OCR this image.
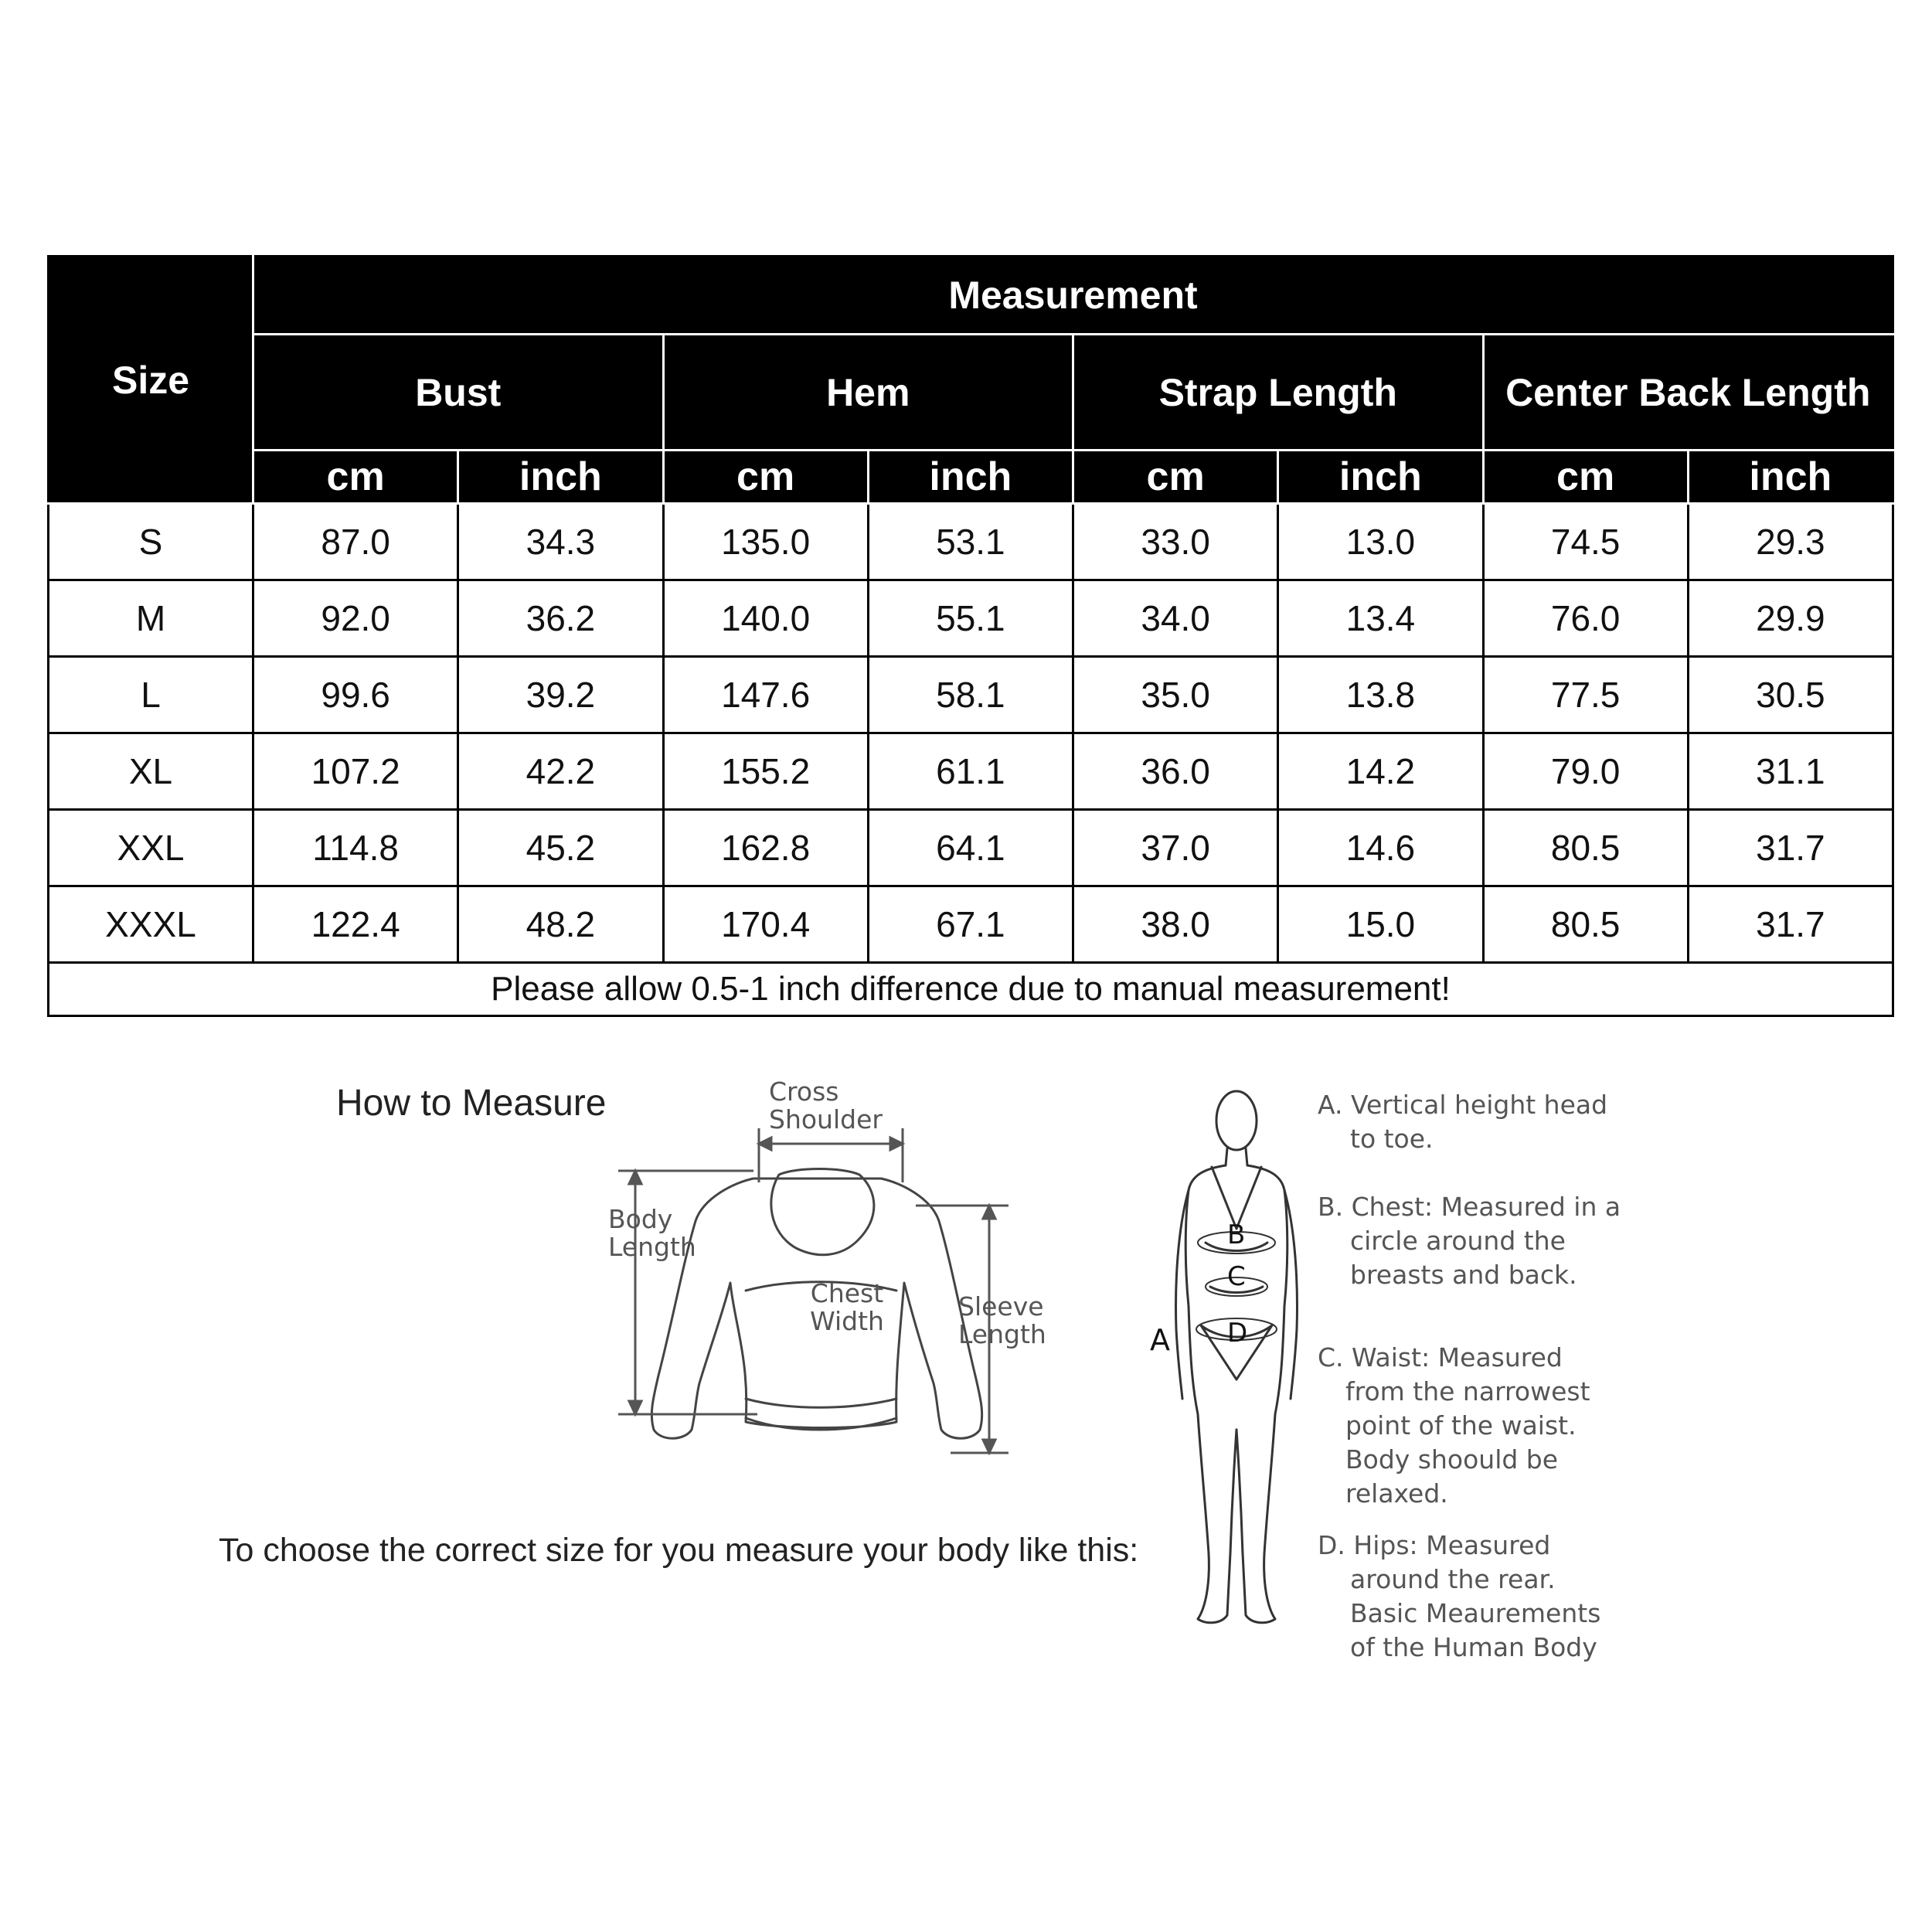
Size	Measurement							
	Bust		Hem		Strap Length		Center Back Length	
	cm	inch	cm	inch	cm	inch	cm	inch
S	87.0	34.3	135.0	53.1	33.0	13.0	74.5	29.3
M	92.0	36.2	140.0	55.1	34.0	13.4	76.0	29.9
L	99.6	39.2	147.6	58.1	35.0	13.8	77.5	30.5
XL	107.2	42.2	155.2	61.1	36.0	14.2	79.0	31.1
XXL	114.8	45.2	162.8	64.1	37.0	14.6	80.5	31.7
XXXL	122.4	48.2	170.4	67.1	38.0	15.0	80.5	31.7
Please allow 0.5-1 inch difference due to manual measurement!								
How to Measure	Cross
Shoulder
Body
Length
Chest
Width	Sleeve
Length
To choose the correct size for you measure your body like this:
A
B
C
D
A. Vertical height head
to toe.
B. Chest: Measured in a
circle around the
breasts and back.
C. Waist: Measured
from the narrowest
point of the waist.
Body shoould be
relaxed.
D. Hips: Measured
around the rear.
Basic Meaurements
of the Human Body
